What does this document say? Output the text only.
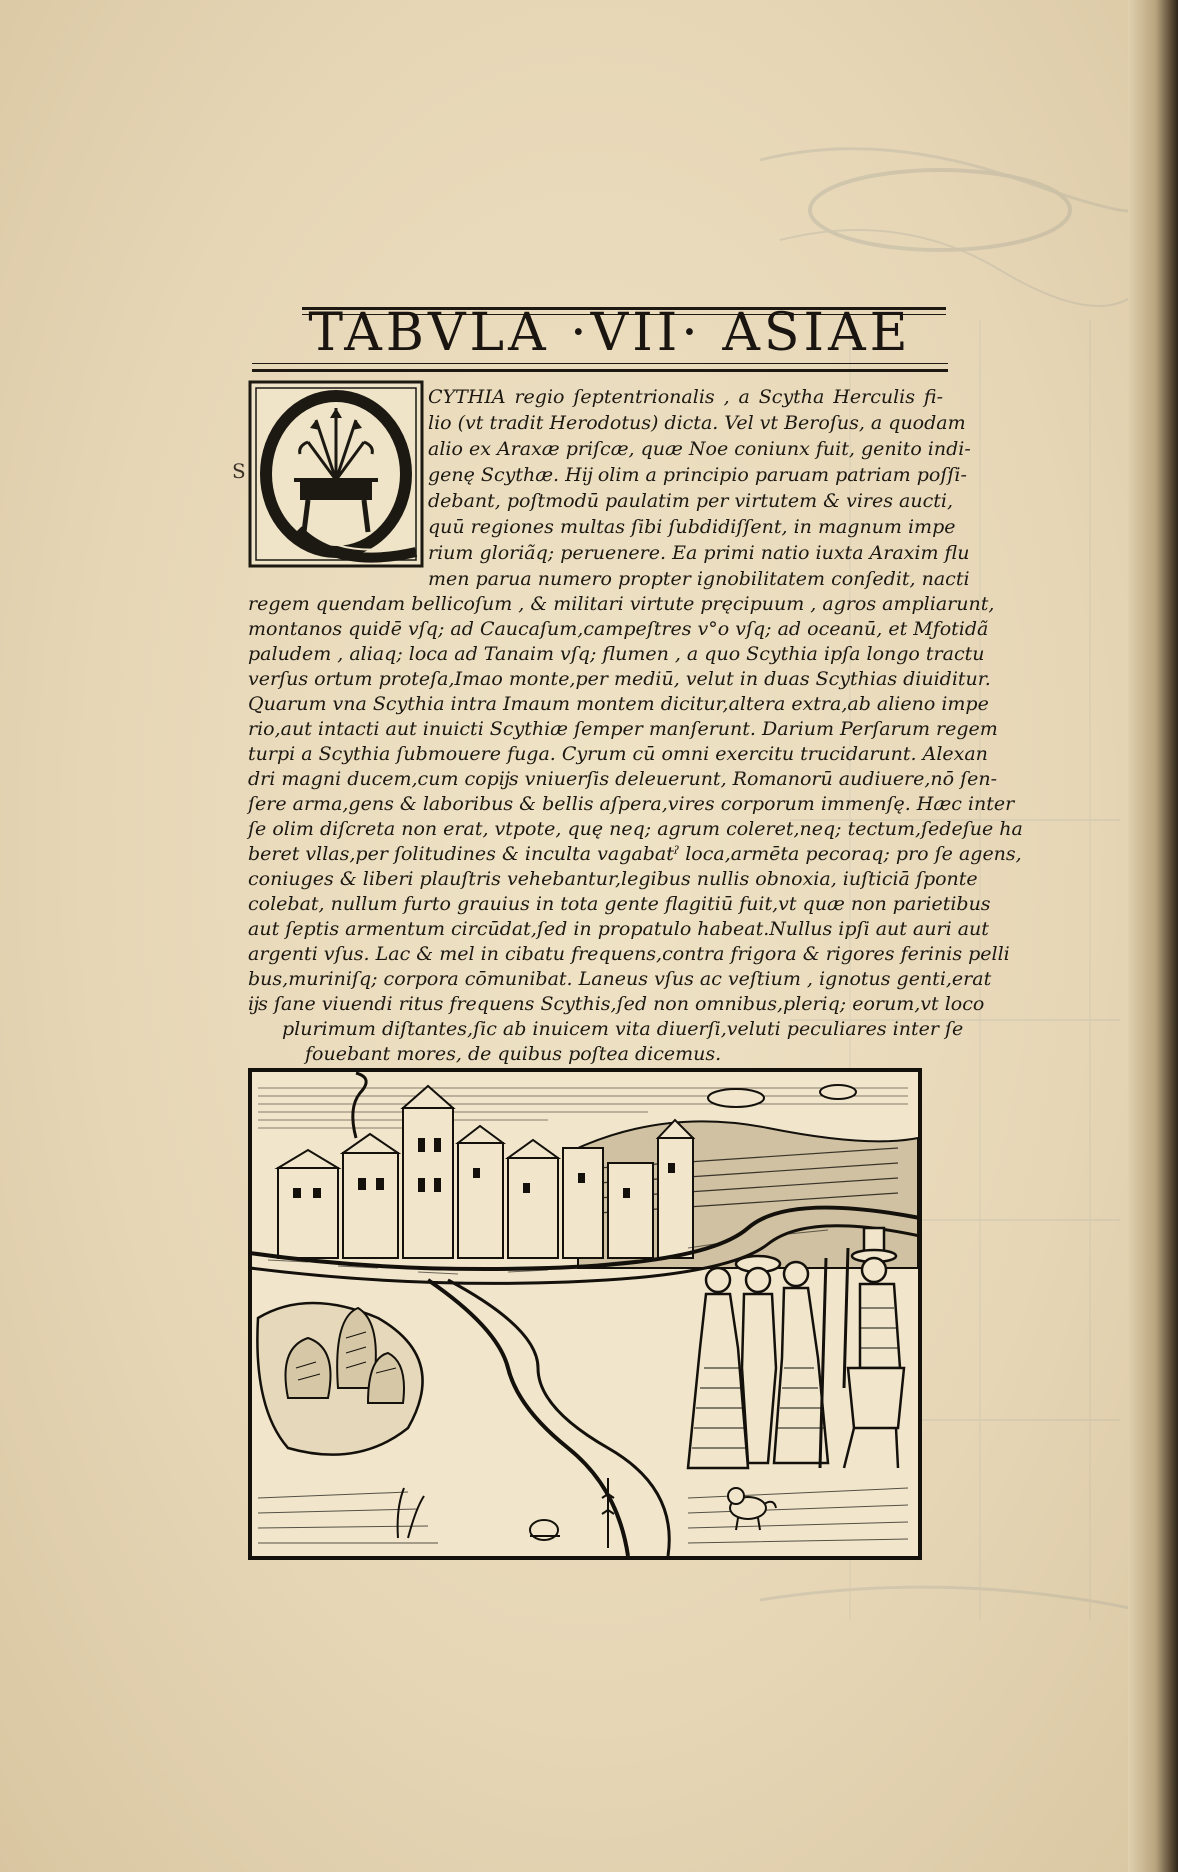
TABVLA ·VII· ASIAE
S
CYTHIA regio ſeptentrionalis , a Scytha Herculis fi-
lio (vt tradit Herodotus) dicta. Vel vt Beroſus, a quodam
alio ex Araxæ priſcæ, quæ Noe coniunx fuit, genito indi-
genę Scythæ. Hĳ olim a principio paruam patriam poſſi-
debant, poſtmodū paulatim per virtutem & vires aucti,
quū regiones multas ſibi ſubdidiſſent, in magnum impe
rium gloriãq; peruenere. Ea primi natio iuxta Araxim flu
men parua numero propter ignobilitatem conſedit, nacti
regem quendam bellicoſum , & militari virtute pręcipuum , agros ampliarunt,
montanos quidē vſq; ad Caucaſum,campeſtres v°o vſq; ad oceanū, et Mƒotidã
paludem , aliaq; loca ad Tanaim vſq; flumen , a quo Scythia ipſa longo tractu
verſus ortum proteſa,Imao monte,per mediū, velut in duas Scythias diuiditur.
Quarum vna Scythia intra Imaum montem dicitur,altera extra,ab alieno impe
rio,aut intacti aut inuicti Scythiæ ſemper manſerunt. Darium Perſarum regem
turpi a Scythia ſubmouere fuga. Cyrum cū omni exercitu trucidarunt. Alexan
dri magni ducem,cum copĳs vniuerſis deleuerunt, Romanorū audiuere,nō ſen-
ſere arma,gens & laboribus & bellis aſpera,vires corporum immenſę. Hæc inter
ſe olim diſcreta non erat, vtpote, quę neq; agrum coleret,neq; tectum,ſedeſue ha
beret vllas,per ſolitudines & inculta vagabatˀ loca,armēta pecoraq; pro ſe agens,
coniuges & liberi plauſtris vehebantur,legibus nullis obnoxia, iuſticiā ſponte
colebat, nullum furto grauius in tota gente flagitiū fuit,vt quæ non parietibus
aut ſeptis armentum circūdat,ſed in propatulo habeat.Nullus ipſi aut auri aut
argenti vſus. Lac & mel in cibatu frequens,contra frigora & rigores ferinis pelli
bus,muriniſq; corpora cōmunibat. Laneus vſus ac veſtium , ignotus genti,erat
ĳs ſane viuendi ritus frequens Scythis,ſed non omnibus,pleriq; eorum,vt loco
plurimum diſtantes,ſic ab inuicem vita diuerſi,veluti peculiares inter ſe
fouebant mores, de quibus poſtea dicemus.
